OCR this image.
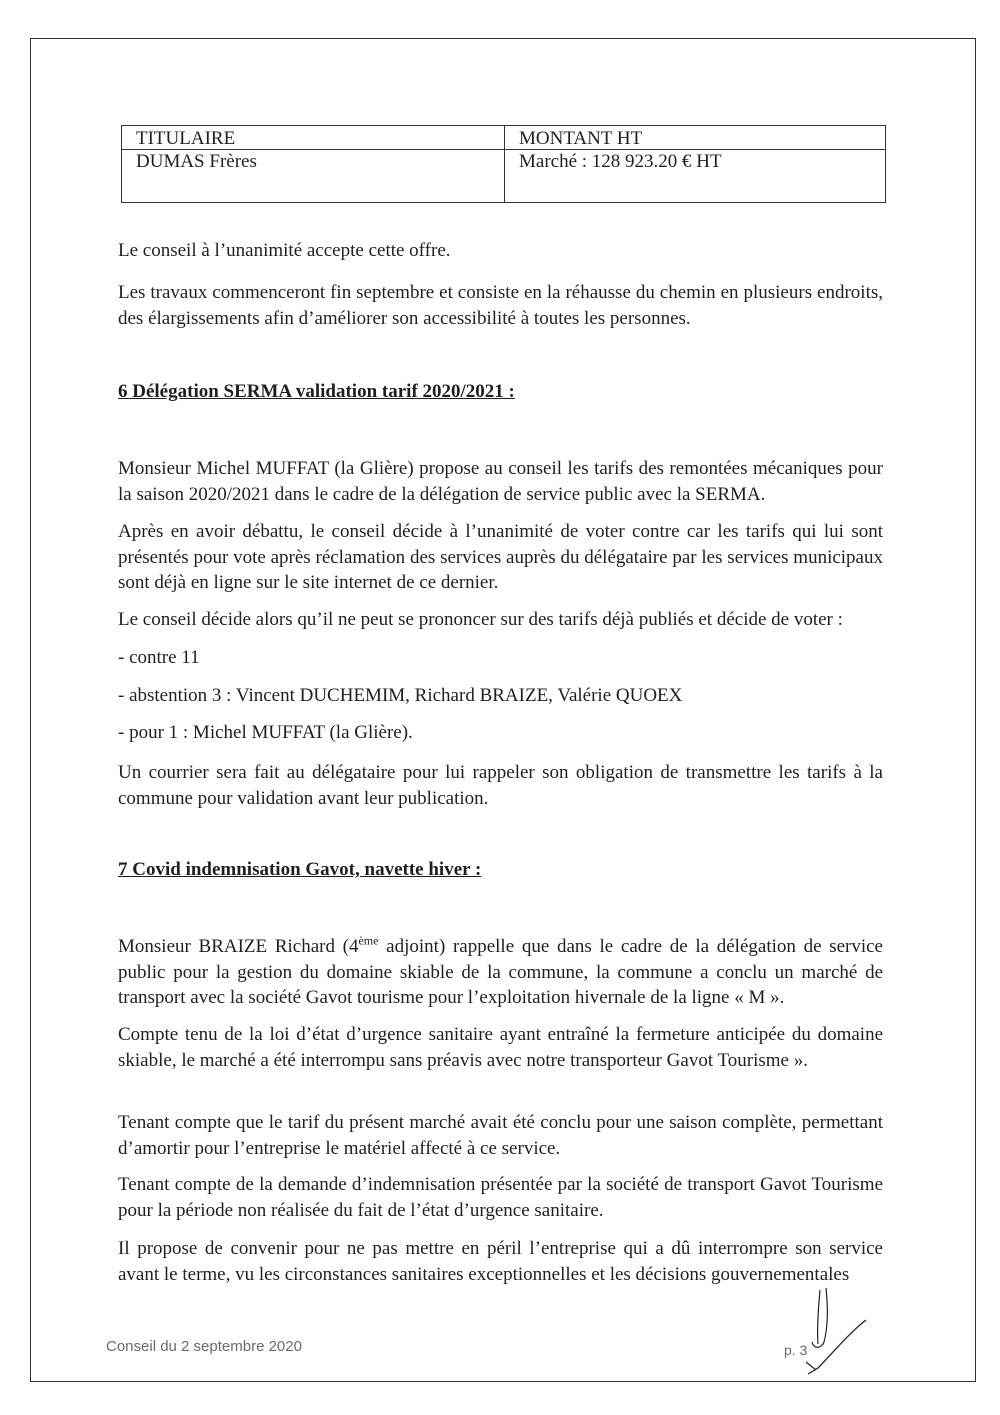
TITULAIRE
DUMAS Frères
MONTANT HT
Marché : 128 923.20 € HT

Le conseil à l’unanimité accepte cette offre.

Les travaux commenceront fin septembre et consiste en la réhausse du chemin en plusieurs endroits, des élargissements afin d’améliorer son accessibilité à toutes les personnes.

6 Délégation SERMA validation tarif 2020/2021 :

Monsieur Michel MUFFAT (la Glière) propose au conseil les tarifs des remontées mécaniques pour la saison 2020/2021 dans le cadre de la délégation de service public avec la SERMA.

Après en avoir débattu, le conseil décide à l’unanimité de voter contre car les tarifs qui lui sont présentés pour vote après réclamation des services auprès du délégataire par les services municipaux sont déjà en ligne sur le site internet de ce dernier.

Le conseil décide alors qu’il ne peut se prononcer sur des tarifs déjà publiés et décide de voter :

- contre 11

- abstention 3 : Vincent DUCHEMIM, Richard BRAIZE, Valérie QUOEX

- pour 1 : Michel MUFFAT (la Glière).

Un courrier sera fait au délégataire pour lui rappeler son obligation de transmettre les tarifs à la commune pour validation avant leur publication.

7 Covid indemnisation Gavot, navette hiver :

Monsieur BRAIZE Richard (4ème adjoint) rappelle que dans le cadre de la délégation de service public pour la gestion du domaine skiable de la commune, la commune a conclu un marché de transport avec la société Gavot tourisme pour l’exploitation hivernale de la ligne « M ».

Compte tenu de la loi d’état d’urgence sanitaire ayant entraîné la fermeture anticipée du domaine skiable, le marché a été interrompu sans préavis avec notre transporteur Gavot Tourisme ».

Tenant compte que le tarif du présent marché avait été conclu pour une saison complète, permettant d’amortir pour l’entreprise le matériel affecté à ce service.

Tenant compte de la demande d’indemnisation présentée par la société de transport Gavot Tourisme pour la période non réalisée du fait de l’état d’urgence sanitaire.

Il propose de convenir pour ne pas mettre en péril l’entreprise qui a dû interrompre son service avant le terme, vu les circonstances sanitaires exceptionnelles et les décisions gouvernementales

Conseil du 2 septembre 2020	p. 3
